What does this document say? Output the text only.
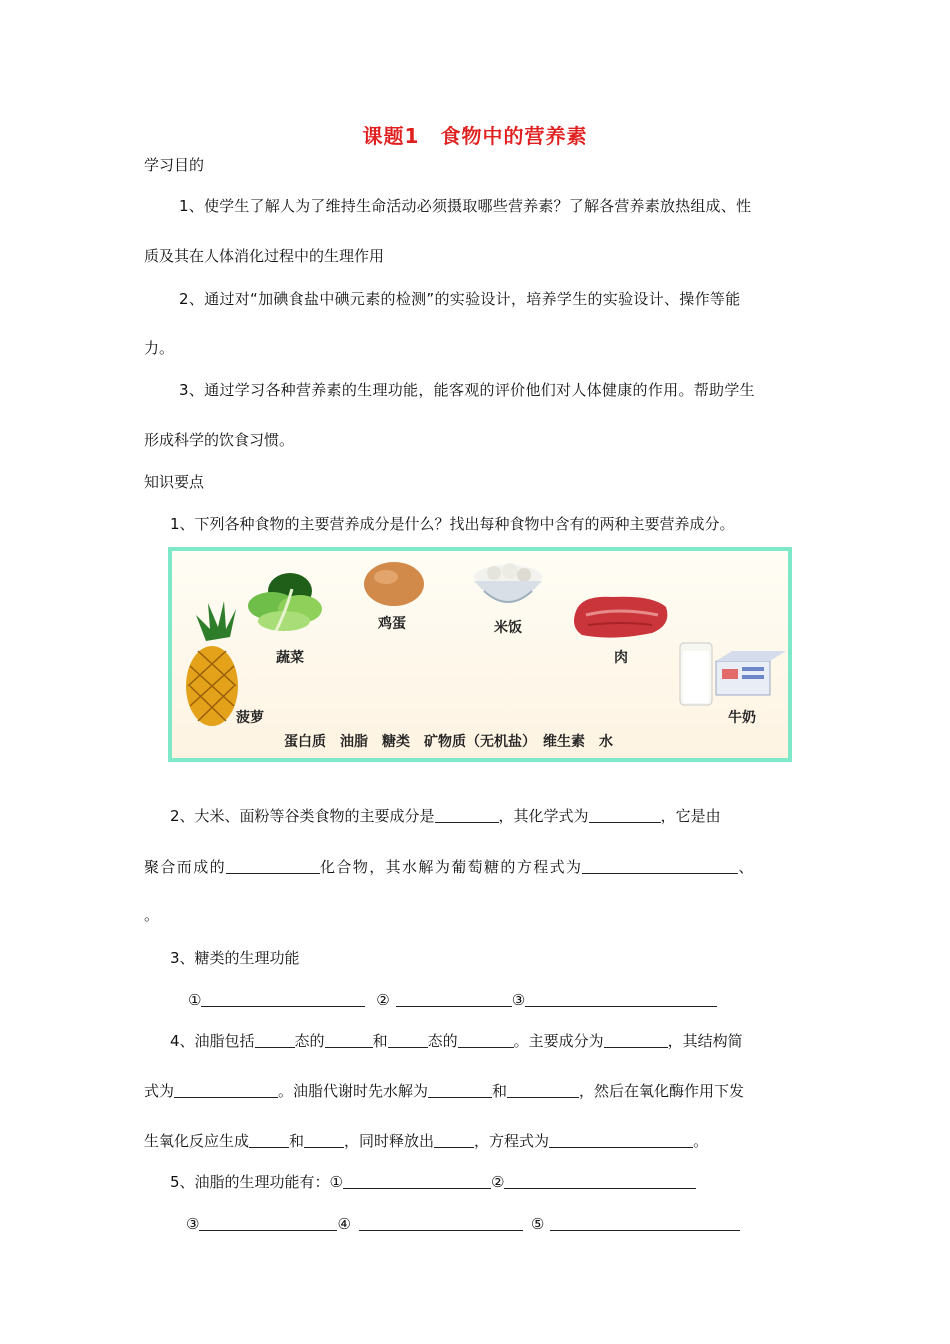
课题1　食物中的营养素
学习目的
1、使学生了解人为了维持生命活动必须摄取哪些营养素？了解各营养素放热组成、性
质及其在人体消化过程中的生理作用
2、通过对“加碘食盐中碘元素的检测”的实验设计，培养学生的实验设计、操作等能
力。
3、通过学习各种营养素的生理功能，能客观的评价他们对人体健康的作用。帮助学生
形成科学的饮食习惯。
知识要点
1、下列各种食物的主要营养成分是什么？找出每种食物中含有的两种主要营养成分。
蔬菜
鸡蛋	米饭
肉
菠萝	牛奶
蛋白质　油脂　糖类　矿物质（无机盐）　维生素　水
2、大米、面粉等谷类食物的主要成分是	，其化学式为	，它是由
聚合而成的	化合物，其水解为葡萄糖的方程式为	、
。
3、糖类的生理功能
①	②	③
4、油脂包括	态的	和	态的	。主要成分为	，其结构简
式为	。油脂代谢时先水解为	和	，然后在氧化酶作用下发
生氧化反应生成	和	，同时释放出	，方程式为	。
5、油脂的生理功能有：①	②
③	④	⑤
